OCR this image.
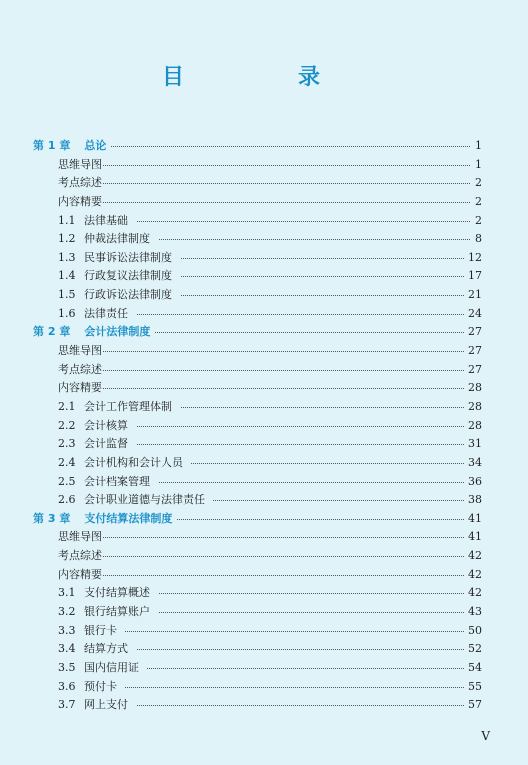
目　录
第 1 章 总论	1
思维导图	1
考点综述	2
内容精要	2
1.1 法律基础	2
1.2 仲裁法律制度	8
1.3 民事诉讼法律制度	12
1.4 行政复议法律制度	17
1.5 行政诉讼法律制度	21
1.6 法律责任	24
第 2 章 会计法律制度	27
思维导图	27
考点综述	27
内容精要	28
2.1 会计工作管理体制	28
2.2 会计核算	28
2.3 会计监督	31
2.4 会计机构和会计人员	34
2.5 会计档案管理	36
2.6 会计职业道德与法律责任	38
第 3 章 支付结算法律制度	41
思维导图	41
考点综述	42
内容精要	42
3.1 支付结算概述	42
3.2 银行结算账户	43
3.3 银行卡	50
3.4 结算方式	52
3.5 国内信用证	54
3.6 预付卡	55
3.7 网上支付	57
V
